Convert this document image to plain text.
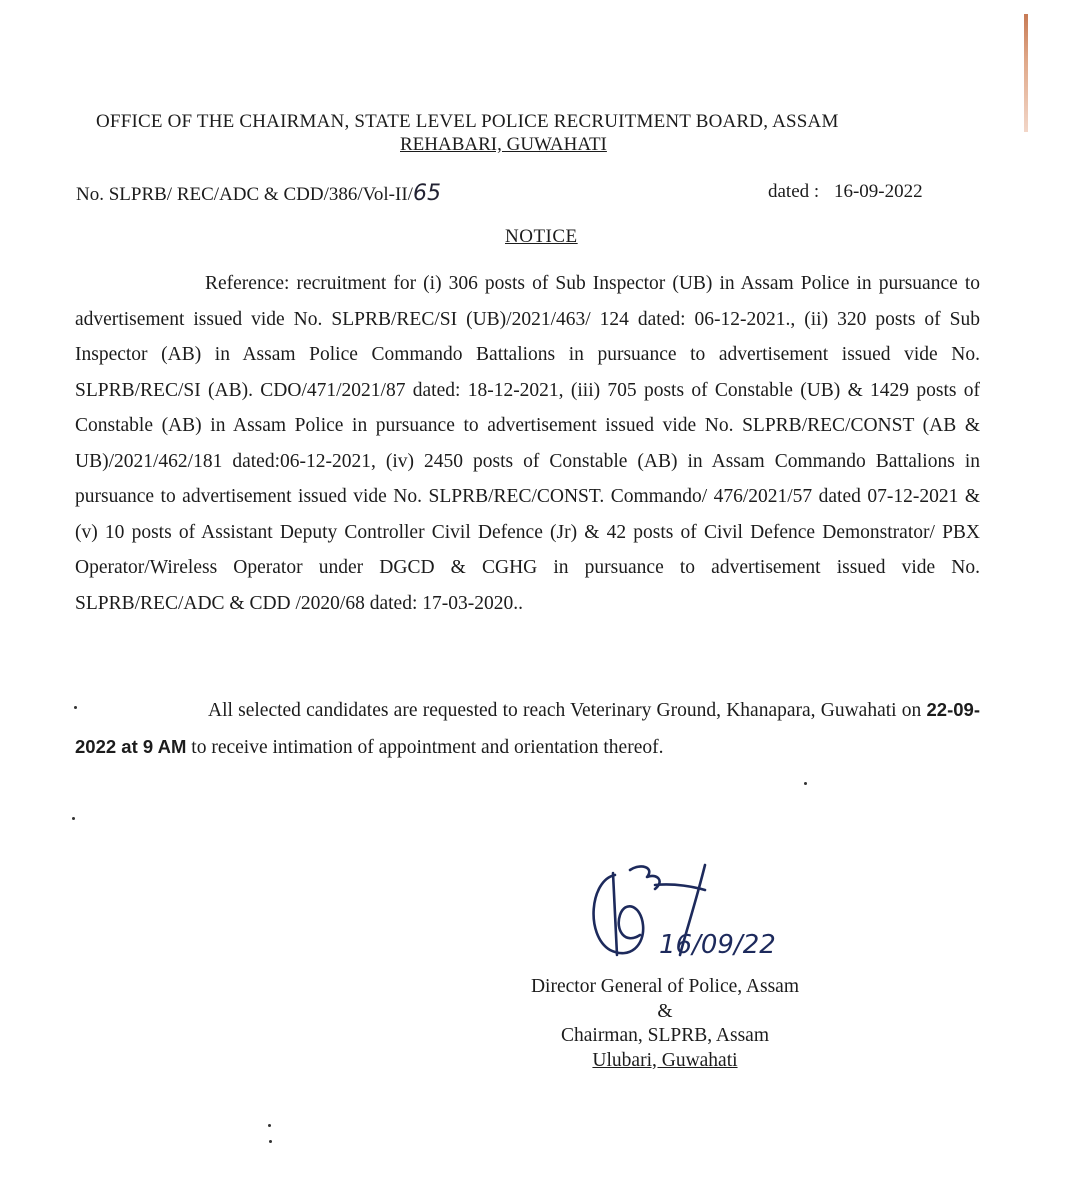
OFFICE OF THE CHAIRMAN, STATE LEVEL POLICE RECRUITMENT BOARD, ASSAM
REHABARI, GUWAHATI
No. SLPRB/ REC/ADC & CDD/386/Vol-II/65	dated : 16-09-2022
NOTICE
Reference: recruitment for (i) 306 posts of Sub Inspector (UB) in Assam Police in pursuance to advertisement issued vide No. SLPRB/REC/SI (UB)/2021/463/ 124 dated: 06-12-2021., (ii) 320 posts of Sub Inspector (AB) in Assam Police Commando Battalions in pursuance to advertisement issued vide No. SLPRB/REC/SI (AB). CDO/471/2021/87 dated: 18-12-2021, (iii) 705 posts of Constable (UB) & 1429 posts of Constable (AB) in Assam Police in pursuance to advertisement issued vide No. SLPRB/REC/CONST (AB & UB)/2021/462/181 dated:06-12-2021, (iv) 2450 posts of Constable (AB) in Assam Commando Battalions in pursuance to advertisement issued vide No. SLPRB/REC/CONST. Commando/ 476/2021/57 dated 07-12-2021 & (v) 10 posts of Assistant Deputy Controller Civil Defence (Jr) & 42 posts of Civil Defence Demonstrator/ PBX Operator/Wireless Operator under DGCD & CGHG in pursuance to advertisement issued vide No. SLPRB/REC/ADC & CDD /2020/68 dated: 17-03-2020..
All selected candidates are requested to reach Veterinary Ground, Khanapara, Guwahati on 22-09-2022 at 9 AM to receive intimation of appointment and orientation thereof.
16/09/22
Director General of Police, Assam
&
Chairman, SLPRB, Assam
Ulubari, Guwahati
